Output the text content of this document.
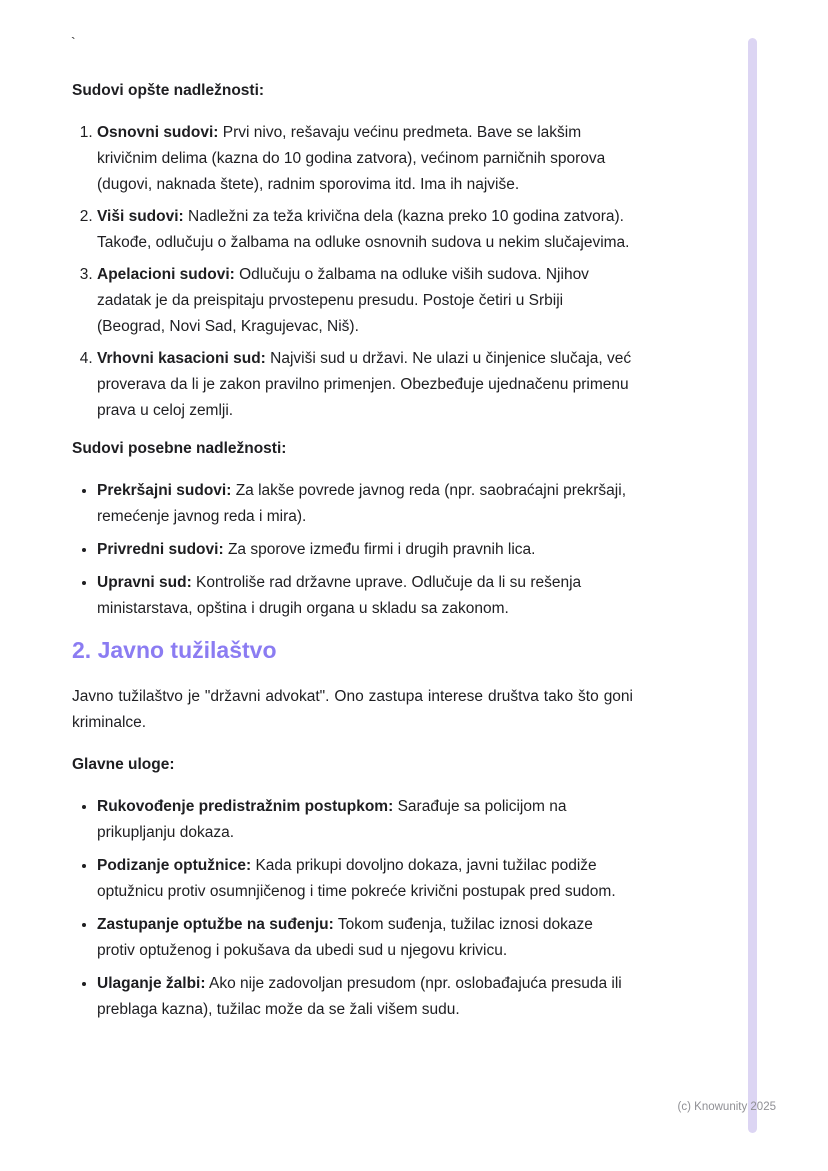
`

Sudovi opšte nadležnosti:

1. Osnovni sudovi: Prvi nivo, rešavaju većinu predmeta. Bave se lakšim krivičnim delima (kazna do 10 godina zatvora), većinom parničnih sporova (dugovi, naknada štete), radnim sporovima itd. Ima ih najviše.
2. Viši sudovi: Nadležni za teža krivična dela (kazna preko 10 godina zatvora). Takođe, odlučuju o žalbama na odluke osnovnih sudova u nekim slučajevima.
3. Apelacioni sudovi: Odlučuju o žalbama na odluke viših sudova. Njihov zadatak je da preispitaju prvostepenu presudu. Postoje četiri u Srbiji (Beograd, Novi Sad, Kragujevac, Niš).
4. Vrhovni kasacioni sud: Najviši sud u državi. Ne ulazi u činjenice slučaja, već proverava da li je zakon pravilno primenjen. Obezbeđuje ujednačenu primenu prava u celoj zemlji.

Sudovi posebne nadležnosti:

• Prekršajni sudovi: Za lakše povrede javnog reda (npr. saobraćajni prekršaji, remećenje javnog reda i mira).
• Privredni sudovi: Za sporove između firmi i drugih pravnih lica.
• Upravni sud: Kontroliše rad državne uprave. Odlučuje da li su rešenja ministarstava, opština i drugih organa u skladu sa zakonom.
2. Javno tužilaštvo

Javno tužilaštvo je "državni advokat". Ono zastupa interese društva tako što goni kriminalce.

Glavne uloge:

• Rukovođenje predistražnim postupkom: Sarađuje sa policijom na prikupljanju dokaza.
• Podizanje optužnice: Kada prikupi dovoljno dokaza, javni tužilac podiže optužnicu protiv osumnjičenog i time pokreće krivični postupak pred sudom.
• Zastupanje optužbe na suđenju: Tokom suđenja, tužilac iznosi dokaze protiv optuženog i pokušava da ubedi sud u njegovu krivicu.
• Ulaganje žalbi: Ako nije zadovoljan presudom (npr. oslobađajuća presuda ili preblaga kazna), tužilac može da se žali višem sudu.
(c) Knowunity 2025
